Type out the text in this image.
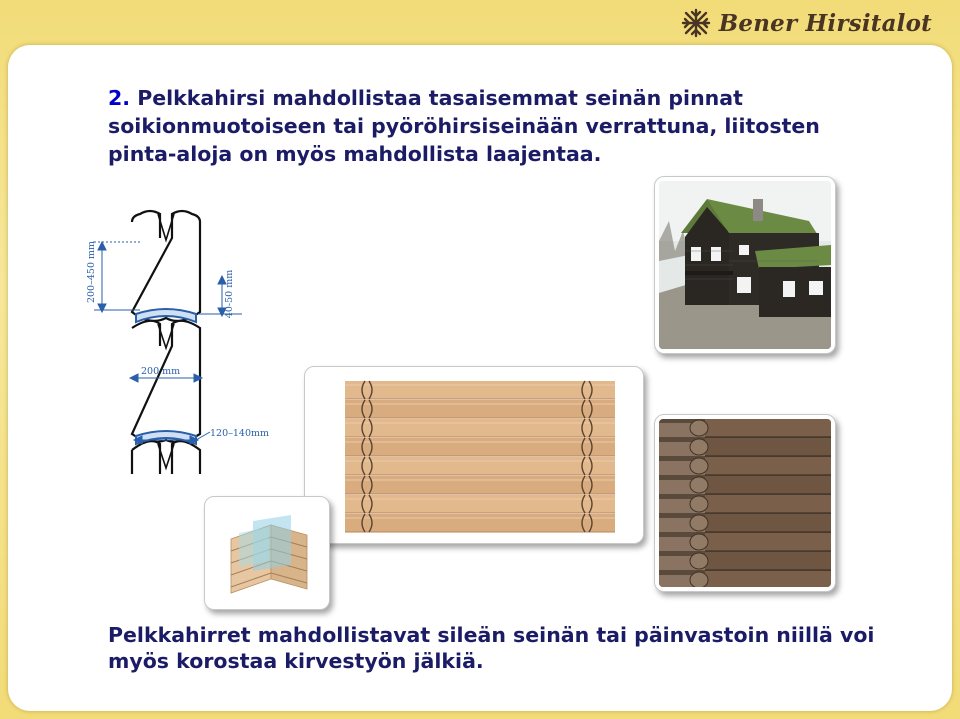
Bener Hirsitalot
2. Pelkkahirsi mahdollistaa tasaisemmat seinän pinnat soikionmuotoiseen tai pyöröhirsiseinään verrattuna, liitosten pinta-aloja on myös mahdollista laajentaa.
200–450 mm	40-50 mm
200 mm
120–140mm
Pelkkahirret mahdollistavat sileän seinän tai päinvastoin niillä voi myös korostaa kirvestyön jälkiä.
